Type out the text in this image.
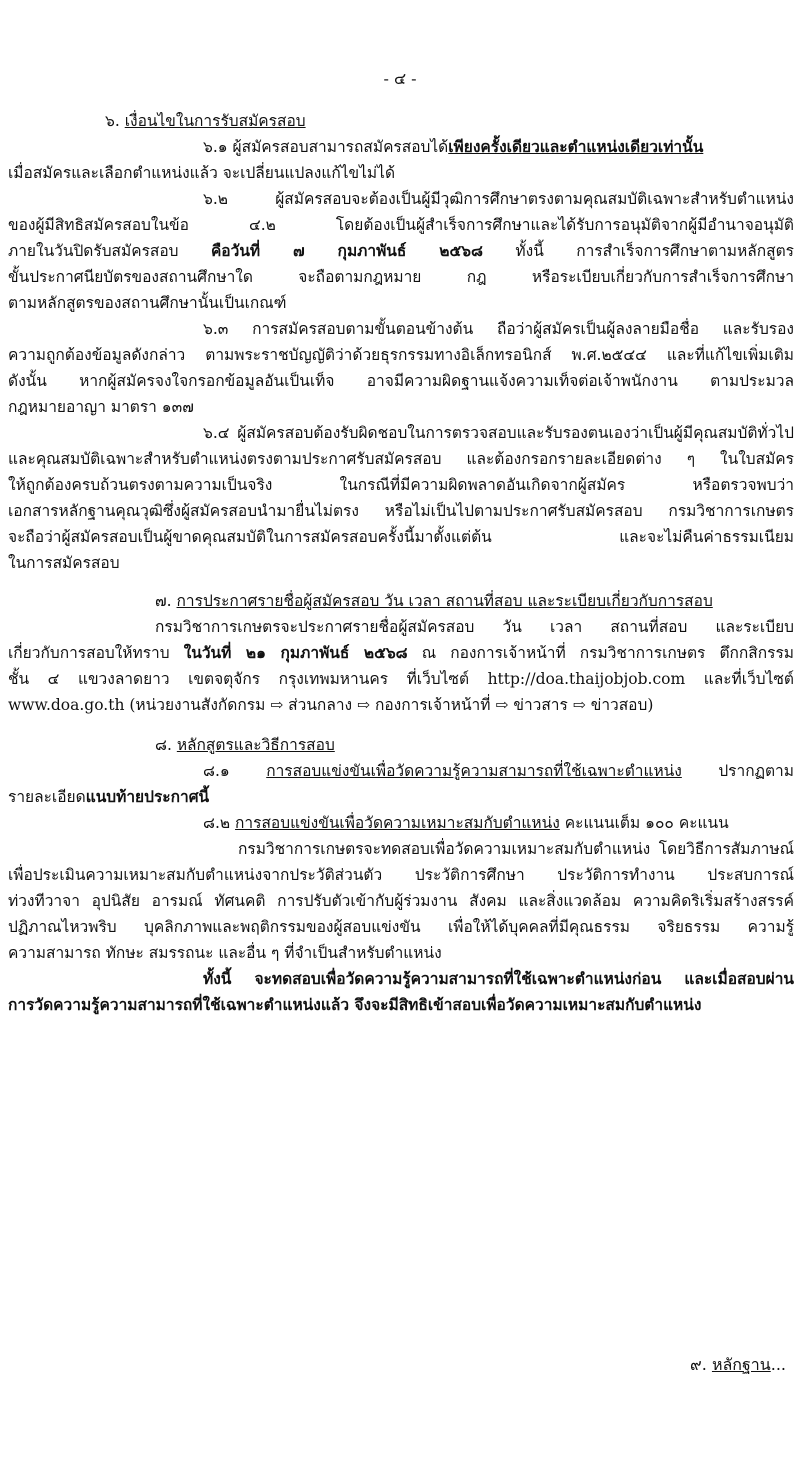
- ๔ -
๖. เงื่อนไขในการรับสมัครสอบ
๖.๑ ผู้สมัครสอบสามารถสมัครสอบได้เพียงครั้งเดียวและตำแหน่งเดียวเท่านั้น
เมื่อสมัครและเลือกตำแหน่งแล้ว จะเปลี่ยนแปลงแก้ไขไม่ได้
๖.๒ ผู้สมัครสอบจะต้องเป็นผู้มีวุฒิการศึกษาตรงตามคุณสมบัติเฉพาะสำหรับตำแหน่ง
ของผู้มีสิทธิสมัครสอบในข้อ ๔.๒ โดยต้องเป็นผู้สำเร็จการศึกษาและได้รับการอนุมัติจากผู้มีอำนาจอนุมัติ
ภายในวันปิดรับสมัครสอบ คือวันที่ ๗ กุมภาพันธ์ ๒๕๖๘ ทั้งนี้ การสำเร็จการศึกษาตามหลักสูตร
ขั้นประกาศนียบัตรของสถานศึกษาใด จะถือตามกฎหมาย กฎ หรือระเบียบเกี่ยวกับการสำเร็จการศึกษา
ตามหลักสูตรของสถานศึกษานั้นเป็นเกณฑ์
๖.๓ การสมัครสอบตามขั้นตอนข้างต้น ถือว่าผู้สมัครเป็นผู้ลงลายมือชื่อ และรับรอง
ความถูกต้องข้อมูลดังกล่าว ตามพระราชบัญญัติว่าด้วยธุรกรรมทางอิเล็กทรอนิกส์ พ.ศ.๒๕๔๔ และที่แก้ไขเพิ่มเติม
ดังนั้น หากผู้สมัครจงใจกรอกข้อมูลอันเป็นเท็จ อาจมีความผิดฐานแจ้งความเท็จต่อเจ้าพนักงาน ตามประมวล
กฎหมายอาญา มาตรา ๑๓๗
๖.๔ ผู้สมัครสอบต้องรับผิดชอบในการตรวจสอบและรับรองตนเองว่าเป็นผู้มีคุณสมบัติทั่วไป
และคุณสมบัติเฉพาะสำหรับตำแหน่งตรงตามประกาศรับสมัครสอบ และต้องกรอกรายละเอียดต่าง ๆ ในใบสมัคร
ให้ถูกต้องครบถ้วนตรงตามความเป็นจริง ในกรณีที่มีความผิดพลาดอันเกิดจากผู้สมัคร หรือตรวจพบว่า
เอกสารหลักฐานคุณวุฒิซึ่งผู้สมัครสอบนำมายื่นไม่ตรง หรือไม่เป็นไปตามประกาศรับสมัครสอบ กรมวิชาการเกษตร
จะถือว่าผู้สมัครสอบเป็นผู้ขาดคุณสมบัติในการสมัครสอบครั้งนี้มาตั้งแต่ต้น และจะไม่คืนค่าธรรมเนียม
ในการสมัครสอบ
๗. การประกาศรายชื่อผู้สมัครสอบ วัน เวลา สถานที่สอบ และระเบียบเกี่ยวกับการสอบ
กรมวิชาการเกษตรจะประกาศรายชื่อผู้สมัครสอบ วัน เวลา สถานที่สอบ และระเบียบ
เกี่ยวกับการสอบให้ทราบ ในวันที่ ๒๑ กุมภาพันธ์ ๒๕๖๘ ณ กองการเจ้าหน้าที่ กรมวิชาการเกษตร ตึกกสิกรรม
ชั้น ๔ แขวงลาดยาว เขตจตุจักร กรุงเทพมหานคร ที่เว็บไซต์ http://doa.thaijobjob.com และที่เว็บไซต์
www.doa.go.th (หน่วยงานสังกัดกรม ⇨ ส่วนกลาง ⇨ กองการเจ้าหน้าที่ ⇨ ข่าวสาร ⇨ ข่าวสอบ)
๘. หลักสูตรและวิธีการสอบ
๘.๑ การสอบแข่งขันเพื่อวัดความรู้ความสามารถที่ใช้เฉพาะตำแหน่ง ปรากฏตาม
รายละเอียดแนบท้ายประกาศนี้
๘.๒ การสอบแข่งขันเพื่อวัดความเหมาะสมกับตำแหน่ง คะแนนเต็ม ๑๐๐ คะแนน
กรมวิชาการเกษตรจะทดสอบเพื่อวัดความเหมาะสมกับตำแหน่ง โดยวิธีการสัมภาษณ์
เพื่อประเมินความเหมาะสมกับตำแหน่งจากประวัติส่วนตัว ประวัติการศึกษา ประวัติการทำงาน ประสบการณ์
ท่วงทีวาจา อุปนิสัย อารมณ์ ทัศนคติ การปรับตัวเข้ากับผู้ร่วมงาน สังคม และสิ่งแวดล้อม ความคิดริเริ่มสร้างสรรค์
ปฏิภาณไหวพริบ บุคลิกภาพและพฤติกรรมของผู้สอบแข่งขัน เพื่อให้ได้บุคคลที่มีคุณธรรม จริยธรรม ความรู้
ความสามารถ ทักษะ สมรรถนะ และอื่น ๆ ที่จำเป็นสำหรับตำแหน่ง
ทั้งนี้ จะทดสอบเพื่อวัดความรู้ความสามารถที่ใช้เฉพาะตำแหน่งก่อน และเมื่อสอบผ่าน
การวัดความรู้ความสามารถที่ใช้เฉพาะตำแหน่งแล้ว จึงจะมีสิทธิเข้าสอบเพื่อวัดความเหมาะสมกับตำแหน่ง
๙. หลักฐาน...
